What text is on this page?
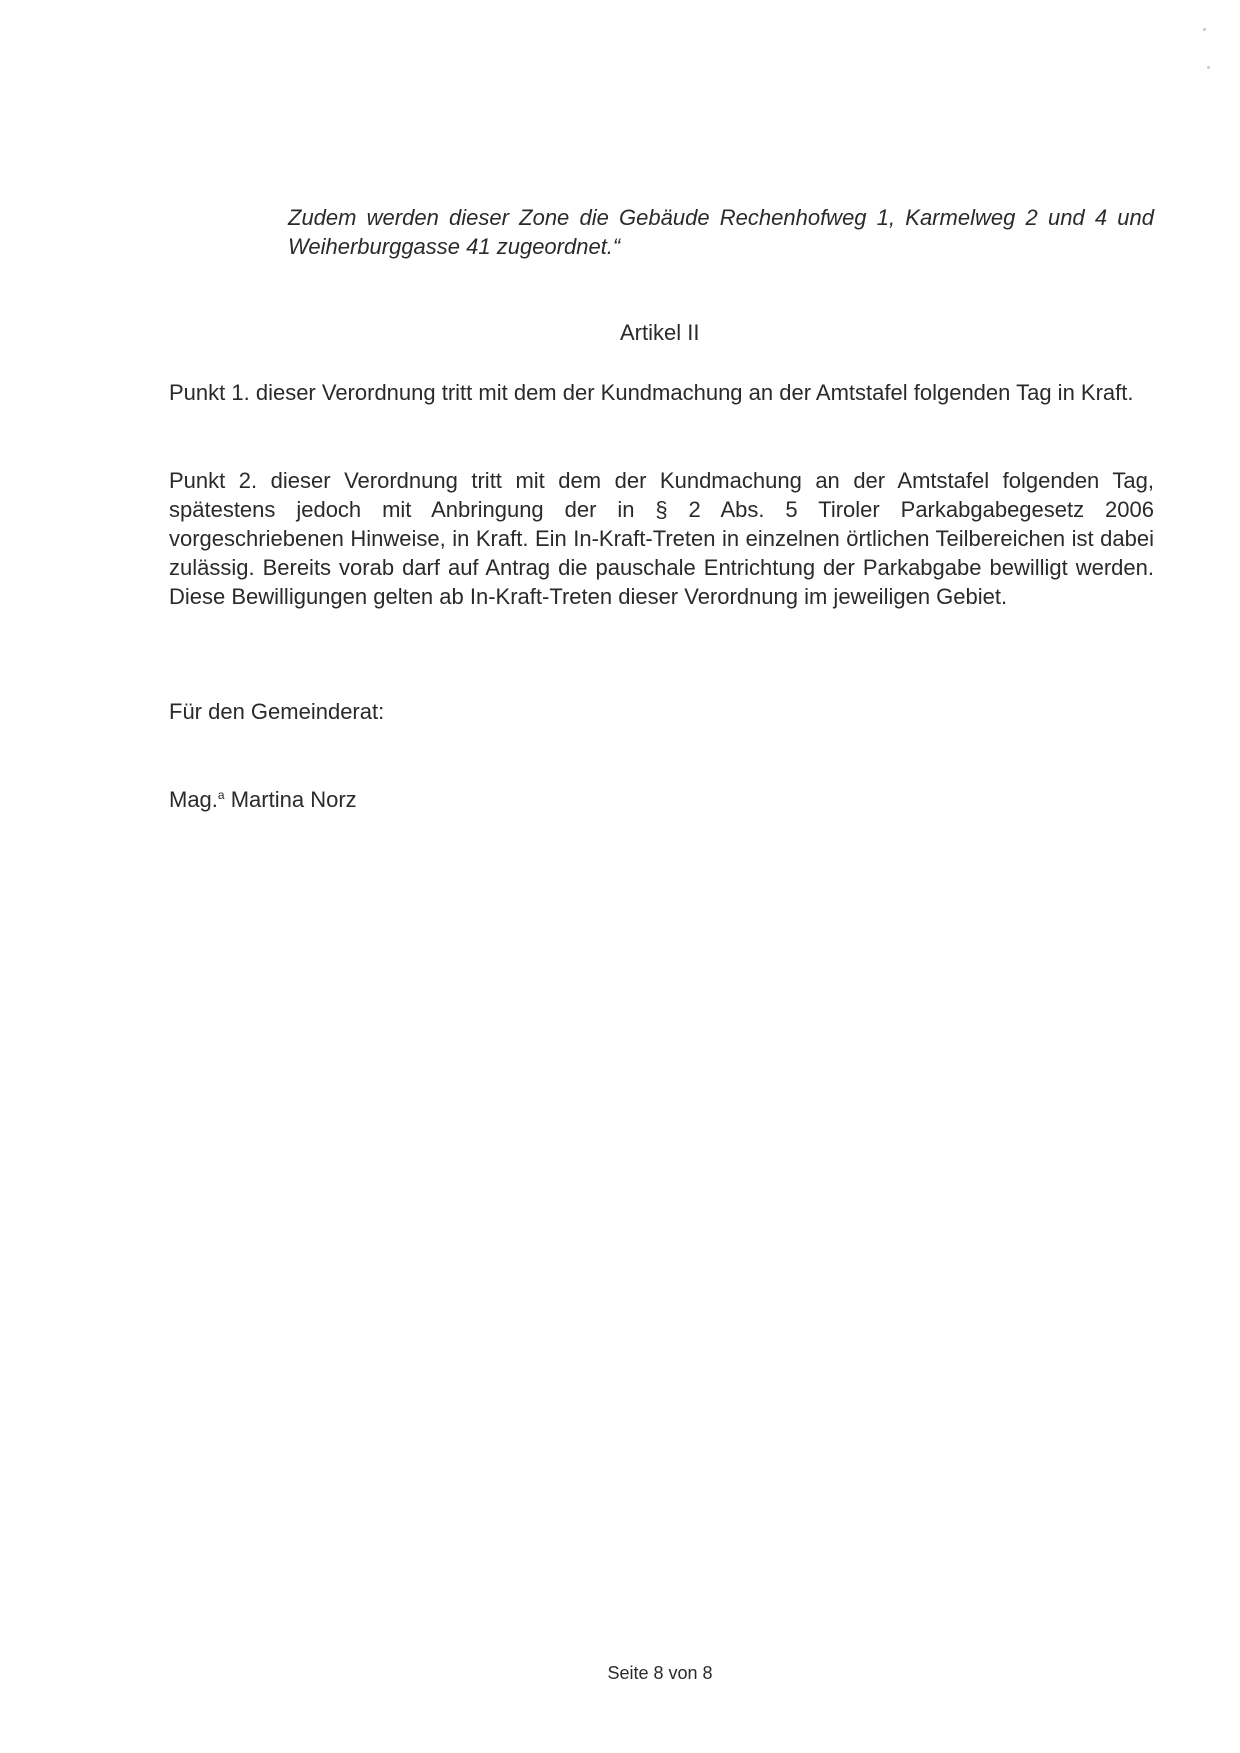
Zudem werden dieser Zone die Gebäude Rechenhofweg 1, Karmelweg 2 und 4 und Weiherburggasse 41 zugeordnet.“
Artikel II
Punkt 1. dieser Verordnung tritt mit dem der Kundmachung an der Amtstafel folgenden Tag in Kraft.
Punkt 2. dieser Verordnung tritt mit dem der Kundmachung an der Amtstafel folgenden Tag, spätestens jedoch mit Anbringung der in § 2 Abs. 5 Tiroler Parkabgabegesetz 2006 vorgeschriebenen Hinweise, in Kraft. Ein In-Kraft-Treten in einzelnen örtlichen Teilbereichen ist dabei zulässig. Bereits vorab darf auf Antrag die pauschale Entrichtung der Parkabgabe bewilligt werden. Diese Bewilligungen gelten ab In-Kraft-Treten dieser Verordnung im jeweiligen Gebiet.
Für den Gemeinderat:
Mag.$^a$ Martina Norz
Seite 8 von 8
